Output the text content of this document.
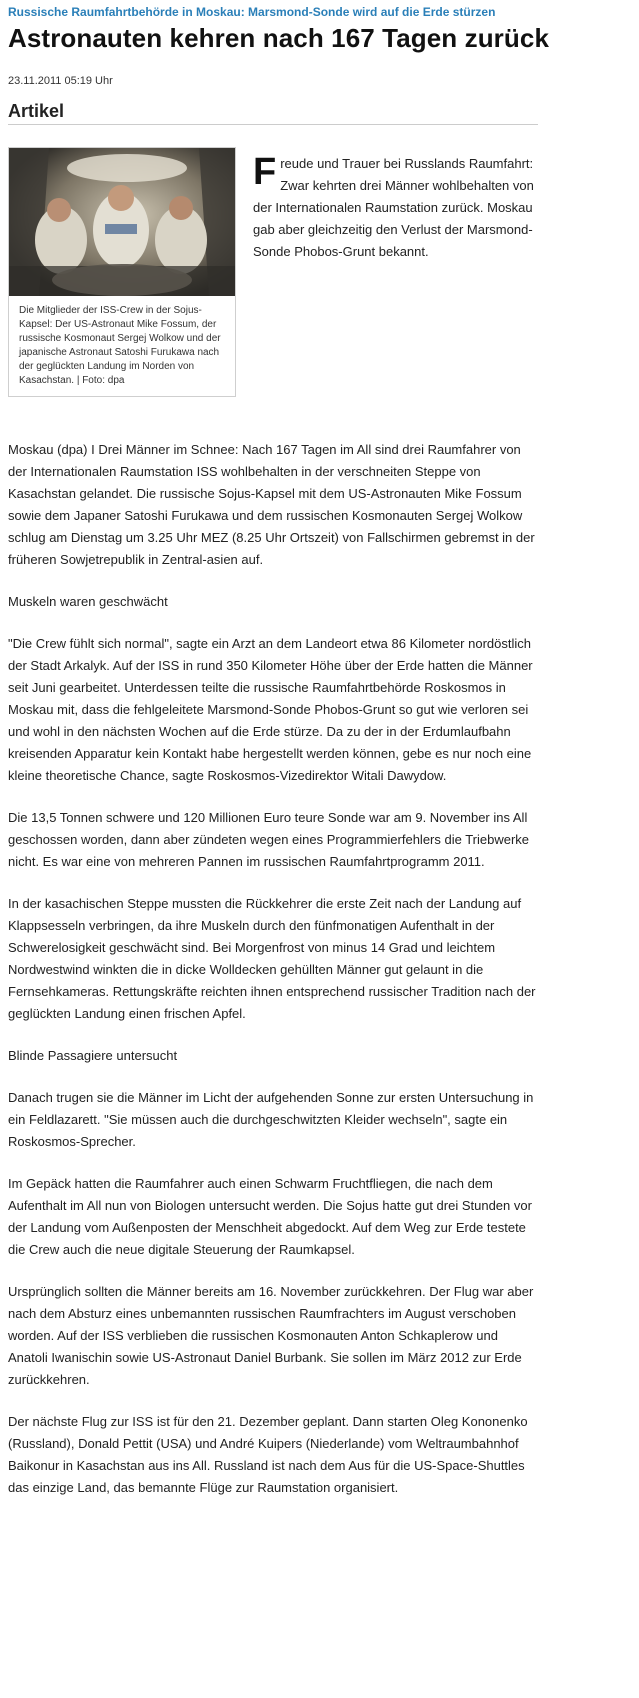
Russische Raumfahrtbehörde in Moskau: Marsmond-Sonde wird auf die Erde stürzen
Astronauten kehren nach 167 Tagen zurück
23.11.2011 05:19 Uhr
Artikel
Die Mitglieder der ISS-Crew in der Sojus-Kapsel: Der US-Astronaut Mike Fossum, der russische Kosmonaut Sergej Wolkow und der japanische Astronaut Satoshi Furukawa nach der geglückten Landung im Norden von Kasachstan. | Foto: dpa
Freude und Trauer bei Russlands Raumfahrt: Zwar kehrten drei Männer wohlbehalten von der Internationalen Raumstation zurück. Moskau gab aber gleichzeitig den Verlust der Marsmond-Sonde Phobos-Grunt bekannt.

Moskau (dpa) I Drei Männer im Schnee: Nach 167 Tagen im All sind drei Raumfahrer von der Internationalen Raumstation ISS wohlbehalten in der verschneiten Steppe von Kasachstan gelandet. Die russische Sojus-Kapsel mit dem US-Astronauten Mike Fossum sowie dem Japaner Satoshi Furukawa und dem russischen Kosmonauten Sergej Wolkow schlug am Dienstag um 3.25 Uhr MEZ (8.25 Uhr Ortszeit) von Fallschirmen gebremst in der früheren Sowjetrepublik in Zentral-asien auf.

Muskeln waren geschwächt

"Die Crew fühlt sich normal", sagte ein Arzt an dem Landeort etwa 86 Kilometer nordöstlich der Stadt Arkalyk. Auf der ISS in rund 350 Kilometer Höhe über der Erde hatten die Männer seit Juni gearbeitet. Unterdessen teilte die russische Raumfahrtbehörde Roskosmos in Moskau mit, dass die fehlgeleitete Marsmond-Sonde Phobos-Grunt so gut wie verloren sei und wohl in den nächsten Wochen auf die Erde stürze. Da zu der in der Erdumlaufbahn kreisenden Apparatur kein Kontakt habe hergestellt werden können, gebe es nur noch eine kleine theoretische Chance, sagte Roskosmos-Vizedirektor Witali Dawydow.

Die 13,5 Tonnen schwere und 120 Millionen Euro teure Sonde war am 9. November ins All geschossen worden, dann aber zündeten wegen eines Programmierfehlers die Triebwerke nicht. Es war eine von mehreren Pannen im russischen Raumfahrtprogramm 2011.

In der kasachischen Steppe mussten die Rückkehrer die erste Zeit nach der Landung auf Klappsesseln verbringen, da ihre Muskeln durch den fünfmonatigen Aufenthalt in der Schwerelosigkeit geschwächt sind. Bei Morgenfrost von minus 14 Grad und leichtem Nordwestwind winkten die in dicke Wolldecken gehüllten Männer gut gelaunt in die Fernsehkameras. Rettungskräfte reichten ihnen entsprechend russischer Tradition nach der geglückten Landung einen frischen Apfel.

Blinde Passagiere untersucht

Danach trugen sie die Männer im Licht der aufgehenden Sonne zur ersten Untersuchung in ein Feldlazarett. "Sie müssen auch die durchgeschwitzten Kleider wechseln", sagte ein Roskosmos-Sprecher.

Im Gepäck hatten die Raumfahrer auch einen Schwarm Fruchtfliegen, die nach dem Aufenthalt im All nun von Biologen untersucht werden. Die Sojus hatte gut drei Stunden vor der Landung vom Außenposten der Menschheit abgedockt. Auf dem Weg zur Erde testete die Crew auch die neue digitale Steuerung der Raumkapsel.

Ursprünglich sollten die Männer bereits am 16. November zurückkehren. Der Flug war aber nach dem Absturz eines unbemannten russischen Raumfrachters im August verschoben worden. Auf der ISS verblieben die russischen Kosmonauten Anton Schkaplerow und Anatoli Iwanischin sowie US-Astronaut Daniel Burbank. Sie sollen im März 2012 zur Erde zurückkehren.

Der nächste Flug zur ISS ist für den 21. Dezember geplant. Dann starten Oleg Kononenko (Russland), Donald Pettit (USA) und André Kuipers (Niederlande) vom Weltraumbahnhof Baikonur in Kasachstan aus ins All. Russland ist nach dem Aus für die US-Space-Shuttles das einzige Land, das bemannte Flüge zur Raumstation organisiert.
